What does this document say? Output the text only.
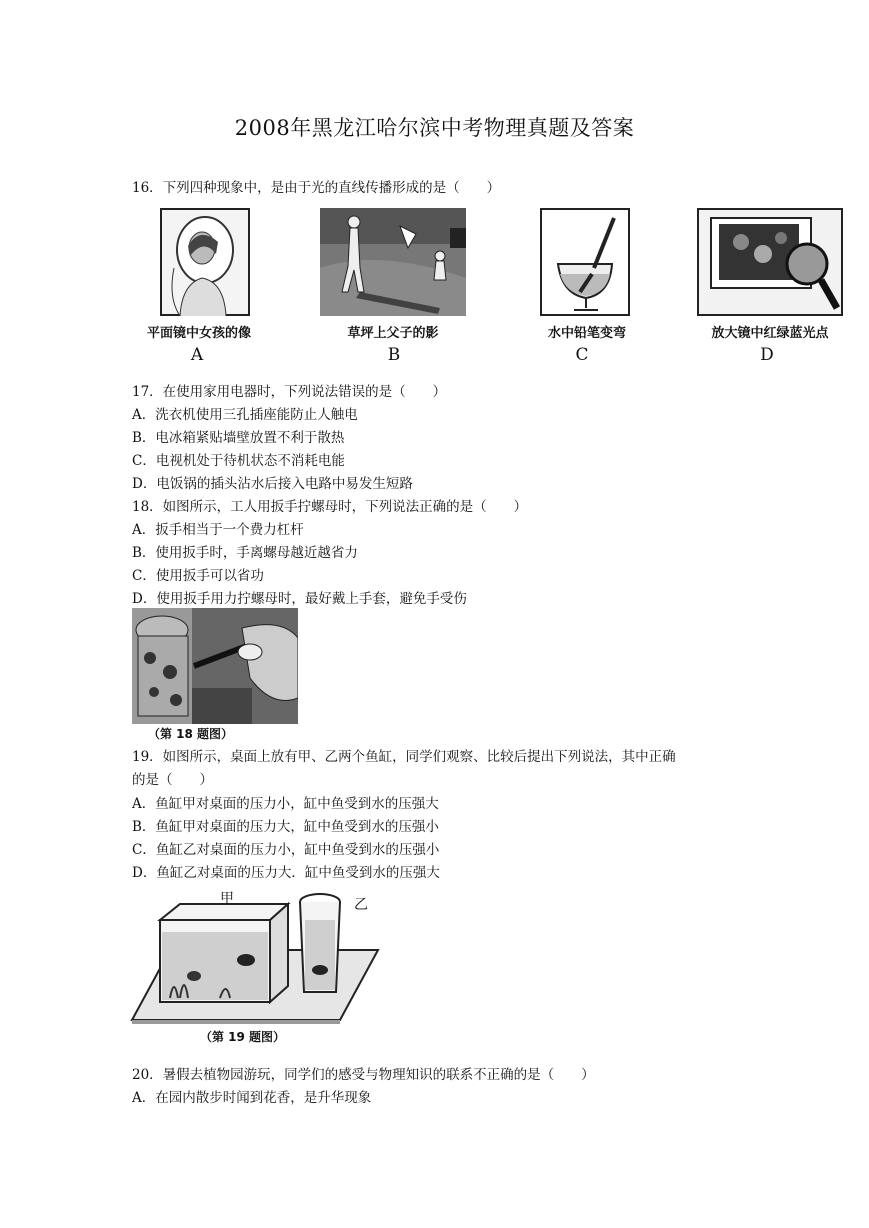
2008年黑龙江哈尔滨中考物理真题及答案
16．下列四种现象中，是由于光的直线传播形成的是（　　）
平面镜中女孩的像	草坪上父子的影	水中铅笔变弯	放大镜中红绿蓝光点
A	B	C	D
17．在使用家用电器时，下列说法错误的是（　　）
A．洗衣机使用三孔插座能防止人触电
B．电冰箱紧贴墙壁放置不利于散热
C．电视机处于待机状态不消耗电能
D．电饭锅的插头沾水后接入电路中易发生短路
18．如图所示，工人用扳手拧螺母时，下列说法正确的是（　　）
A．扳手相当于一个费力杠杆
B．使用扳手时，手离螺母越近越省力
C．使用扳手可以省功
D．使用扳手用力拧螺母时，最好戴上手套，避免手受伤
（第 18 题图）
19．如图所示，桌面上放有甲、乙两个鱼缸，同学们观察、比较后提出下列说法，其中正确
的是（　　）
A．鱼缸甲对桌面的压力小，缸中鱼受到水的压强大
B．鱼缸甲对桌面的压力大，缸中鱼受到水的压强小
C．鱼缸乙对桌面的压力小，缸中鱼受到水的压强小
D．鱼缸乙对桌面的压力大．缸中鱼受到水的压强大
甲	乙
（第 19 题图）
20．暑假去植物园游玩，同学们的感受与物理知识的联系不正确的是（　　）
A．在园内散步时闻到花香，是升华现象
